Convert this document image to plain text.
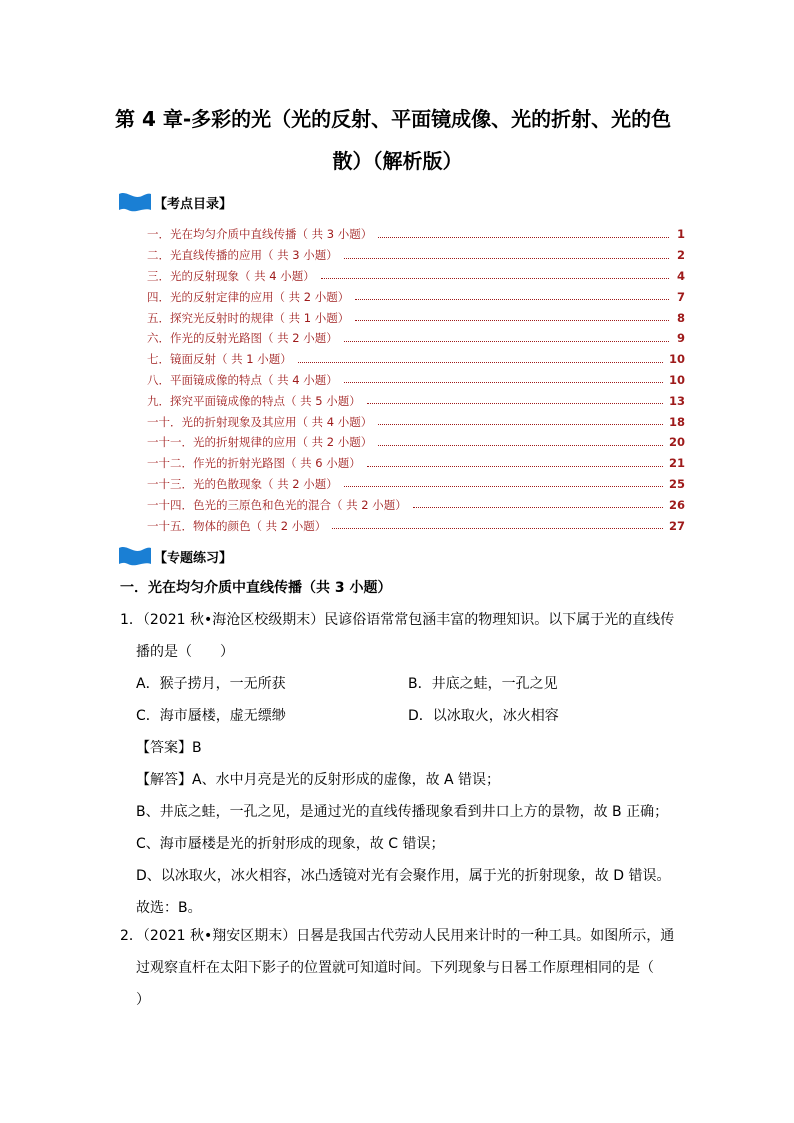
第 4 章-多彩的光（光的反射、平面镜成像、光的折射、光的色
散）（解析版）
【考点目录】
一．光在均匀介质中直线传播（ 共 3 小题）	1
二．光直线传播的应用（ 共 3 小题）	2
三．光的反射现象（ 共 4 小题）	4
四．光的反射定律的应用（ 共 2 小题）	7
五．探究光反射时的规律（ 共 1 小题）	8
六．作光的反射光路图（ 共 2 小题）	9
七．镜面反射（ 共 1 小题）	10
八．平面镜成像的特点（ 共 4 小题）	10
九．探究平面镜成像的特点（ 共 5 小题）	13
一十．光的折射现象及其应用（ 共 4 小题）	18
一十一．光的折射规律的应用（ 共 2 小题）	20
一十二．作光的折射光路图（ 共 6 小题）	21
一十三．光的色散现象（ 共 2 小题）	25
一十四．色光的三原色和色光的混合（ 共 2 小题）	26
一十五．物体的颜色（ 共 2 小题）	27
【专题练习】
一．光在均匀介质中直线传播（共 3 小题）
1．（2021 秋•海沧区校级期末）民谚俗语常常包涵丰富的物理知识。以下属于光的直线传
播的是（　　）
A．猴子捞月，一无所获	B．井底之蛙，一孔之见
C．海市蜃楼，虚无缥缈	D．以冰取火，冰火相容
【答案】B
【解答】A、水中月亮是光的反射形成的虚像，故 A 错误；
B、井底之蛙，一孔之见，是通过光的直线传播现象看到井口上方的景物，故 B 正确；
C、海市蜃楼是光的折射形成的现象，故 C 错误；
D、以冰取火，冰火相容，冰凸透镜对光有会聚作用，属于光的折射现象，故 D 错误。
故选：B。
2．（2021 秋•翔安区期末）日晷是我国古代劳动人民用来计时的一种工具。如图所示，通
过观察直杆在太阳下影子的位置就可知道时间。下列现象与日晷工作原理相同的是（
）
